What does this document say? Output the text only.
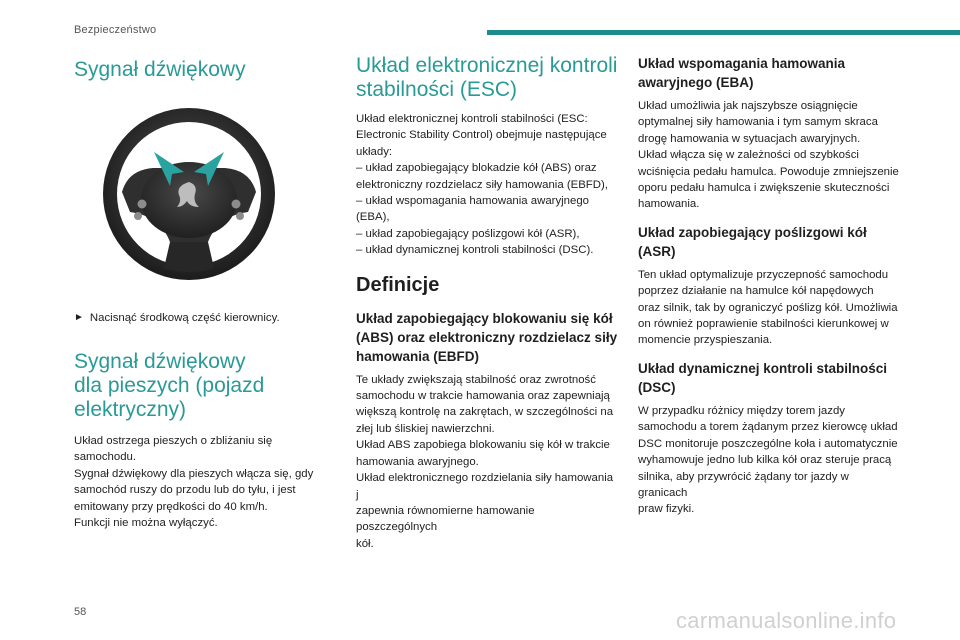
Bezpieczeństwo
Sygnał dźwiękowy
► Nacisnąć środkową część kierownicy.
Sygnał dźwiękowy
dla pieszych (pojazd
elektryczny)

Układ ostrzega pieszych o zbliżaniu się samochodu.
Sygnał dźwiękowy dla pieszych włącza się, gdy
samochód ruszy do przodu lub do tyłu, i jest
emitowany przy prędkości do 40 km/h.
Funkcji nie można wyłączyć.

Układ elektronicznej kontroli
stabilności (ESC)

Układ elektronicznej kontroli stabilności (ESC:
Electronic Stability Control) obejmuje następujące
układy:
– układ zapobiegający blokadzie kół (ABS) oraz
elektroniczny rozdzielacz siły hamowania (EBFD),
– układ wspomagania hamowania awaryjnego
(EBA),
– układ zapobiegający poślizgowi kół (ASR),
– układ dynamicznej kontroli stabilności (DSC).

Definicje
Układ zapobiegający blokowaniu się kół
(ABS) oraz elektroniczny rozdzielacz siły
hamowania (EBFD)

Te układy zwiększają stabilność oraz zwrotność
samochodu w trakcie hamowania oraz zapewniają
większą kontrolę na zakrętach, w szczególności na
złej lub śliskiej nawierzchni.
Układ ABS zapobiega blokowaniu się kół w trakcie
hamowania awaryjnego.
Układ elektronicznego rozdzielania siły hamowania j
zapewnia równomierne hamowanie poszczególnych
kół.

Układ wspomagania hamowania
awaryjnego (EBA)

Układ umożliwia jak najszybsze osiągnięcie
optymalnej siły hamowania i tym samym skraca
drogę hamowania w sytuacjach awaryjnych.
Układ włącza się w zależności od szybkości
wciśnięcia pedału hamulca. Powoduje zmniejszenie
oporu pedału hamulca i zwiększenie skuteczności
hamowania.

Układ zapobiegający poślizgowi kół
(ASR)

Ten układ optymalizuje przyczepność samochodu
poprzez działanie na hamulce kół napędowych
oraz silnik, tak by ograniczyć poślizg kół. Umożliwia
on również poprawienie stabilności kierunkowej w
momencie przyspieszania.

Układ dynamicznej kontroli stabilności
(DSC)

W przypadku różnicy między torem jazdy
samochodu a torem żądanym przez kierowcę układ
DSC monitoruje poszczególne koła i automatycznie
wyhamowuje jedno lub kilka kół oraz steruje pracą
silnika, aby przywrócić żądany tor jazdy w granicach
praw fizyki.

58	carmanualsonline.info
